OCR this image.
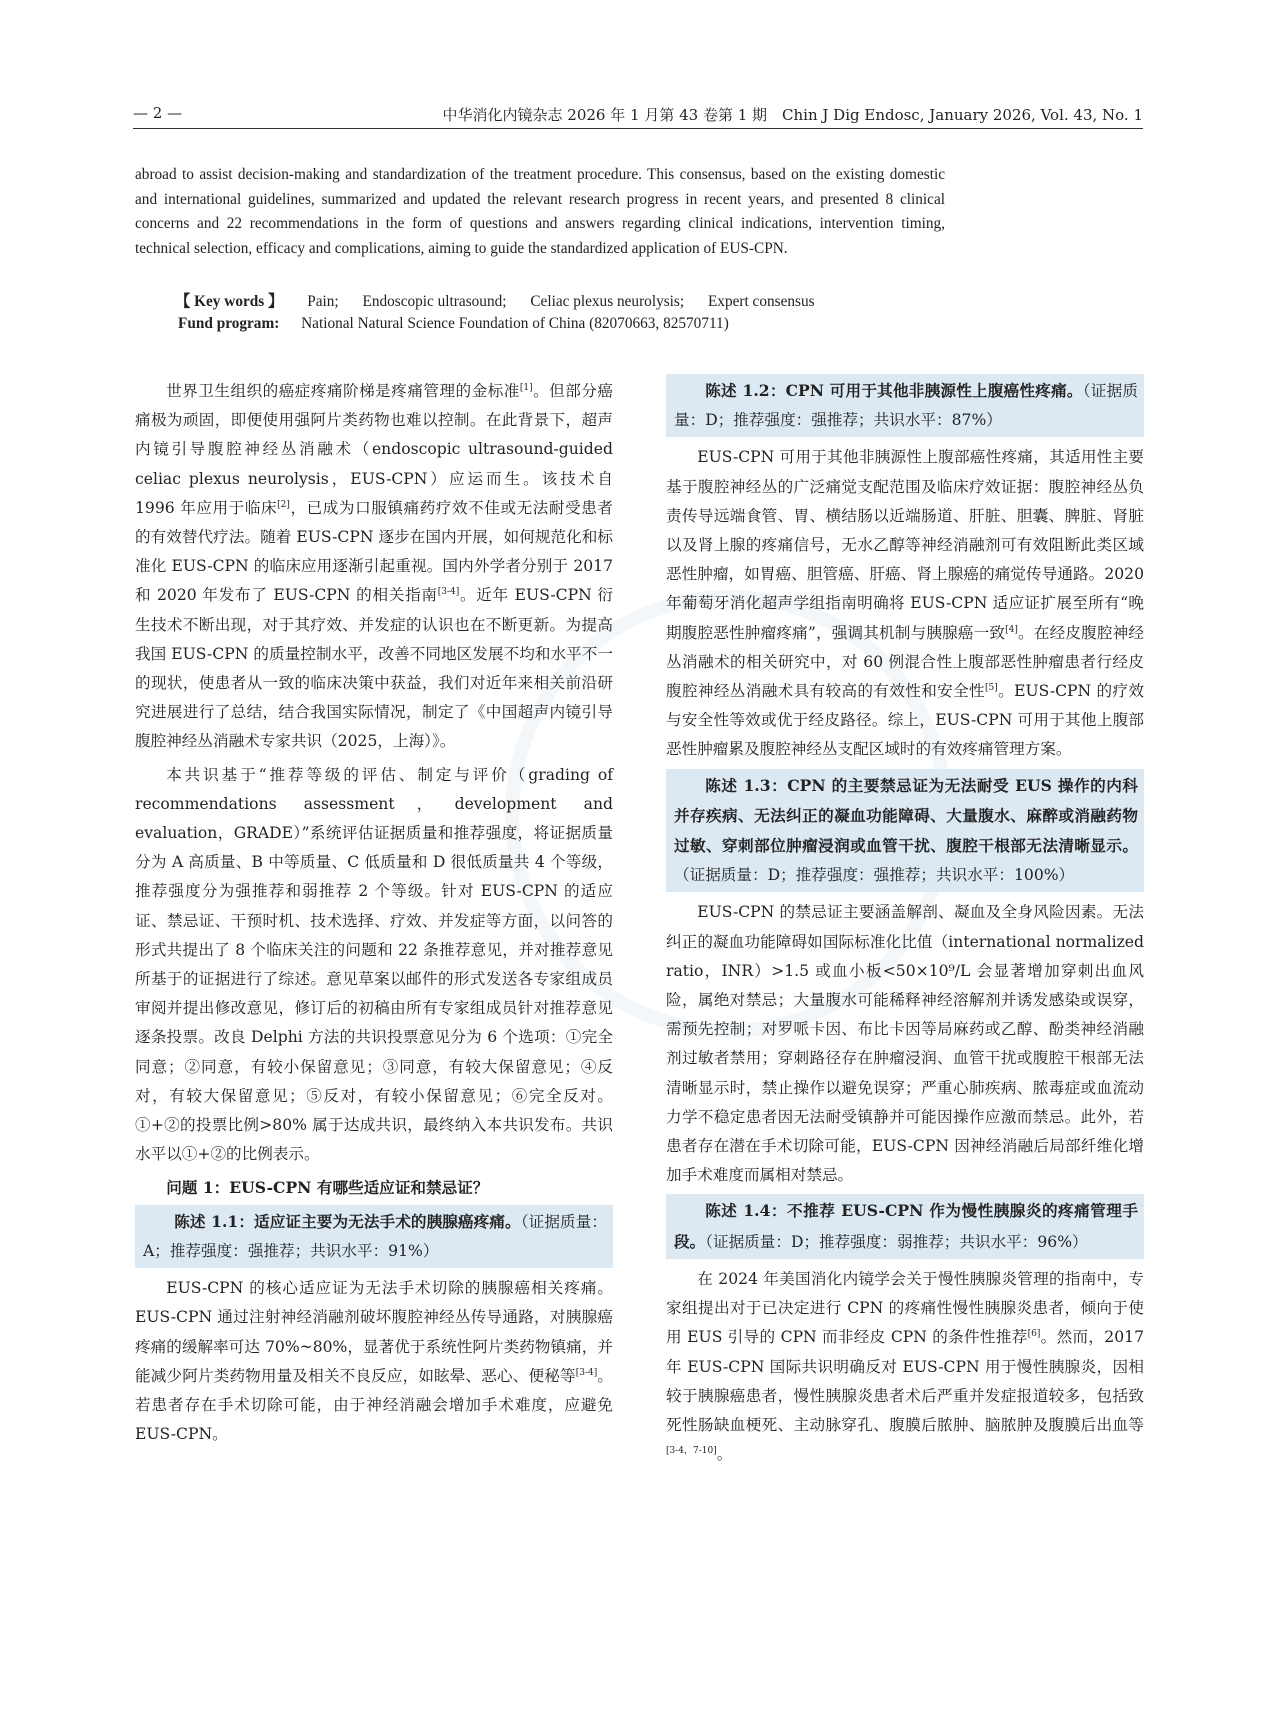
— 2 —	中华消化内镜杂志 2026 年 1 月第 43 卷第 1 期　Chin J Dig Endosc, January 2026, Vol. 43, No. 1
abroad to assist decision-making and standardization of the treatment procedure. This consensus, based on the existing domestic and international guidelines, summarized and updated the relevant research progress in recent years, and presented 8 clinical concerns and 22 recommendations in the form of questions and answers regarding clinical indications, intervention timing, technical selection, efficacy and complications, aiming to guide the standardized application of EUS-CPN.
【 Key words 】 Pain; Endoscopic ultrasound; Celiac plexus neurolysis; Expert consensus
Fund program: National Natural Science Foundation of China (82070663, 82570711)

世界卫生组织的癌症疼痛阶梯是疼痛管理的金标准[1]。但部分癌痛极为顽固，即便使用强阿片类药物也难以控制。在此背景下，超声内镜引导腹腔神经丛消融术（endoscopic ultrasound-guided celiac plexus neurolysis，EUS-CPN）应运而生。该技术自 1996 年应用于临床[2]，已成为口服镇痛药疗效不佳或无法耐受患者的有效替代疗法。随着 EUS-CPN 逐步在国内开展，如何规范化和标准化 EUS-CPN 的临床应用逐渐引起重视。国内外学者分别于 2017 和 2020 年发布了 EUS-CPN 的相关指南[3-4]。近年 EUS-CPN 衍生技术不断出现，对于其疗效、并发症的认识也在不断更新。为提高我国 EUS-CPN 的质量控制水平，改善不同地区发展不均和水平不一的现状，使患者从一致的临床决策中获益，我们对近年来相关前沿研究进展进行了总结，结合我国实际情况，制定了《中国超声内镜引导腹腔神经丛消融术专家共识（2025，上海）》。

本共识基于“推荐等级的评估、制定与评价（grading of recommendations assessment，development and evaluation，GRADE）”系统评估证据质量和推荐强度，将证据质量分为 A 高质量、B 中等质量、C 低质量和 D 很低质量共 4 个等级，推荐强度分为强推荐和弱推荐 2 个等级。针对 EUS-CPN 的适应证、禁忌证、干预时机、技术选择、疗效、并发症等方面，以问答的形式共提出了 8 个临床关注的问题和 22 条推荐意见，并对推荐意见所基于的证据进行了综述。意见草案以邮件的形式发送各专家组成员审阅并提出修改意见，修订后的初稿由所有专家组成员针对推荐意见逐条投票。改良 Delphi 方法的共识投票意见分为 6 个选项：①完全同意；②同意，有较小保留意见；③同意，有较大保留意见；④反对，有较大保留意见；⑤反对，有较小保留意见；⑥完全反对。①+②的投票比例>80% 属于达成共识，最终纳入本共识发布。共识水平以①+②的比例表示。

问题 1：EUS-CPN 有哪些适应证和禁忌证？
陈述 1.1：适应证主要为无法手术的胰腺癌疼痛。（证据质量：A；推荐强度：强推荐；共识水平：91%）

EUS-CPN 的核心适应证为无法手术切除的胰腺癌相关疼痛。EUS-CPN 通过注射神经消融剂破坏腹腔神经丛传导通路，对胰腺癌疼痛的缓解率可达 70%~80%，显著优于系统性阿片类药物镇痛，并能减少阿片类药物用量及相关不良反应，如眩晕、恶心、便秘等[3-4]。若患者存在手术切除可能，由于神经消融会增加手术难度，应避免 EUS-CPN。

陈述 1.2：CPN 可用于其他非胰源性上腹癌性疼痛。（证据质量：D；推荐强度：强推荐；共识水平：87%）

EUS-CPN 可用于其他非胰源性上腹部癌性疼痛，其适用性主要基于腹腔神经丛的广泛痛觉支配范围及临床疗效证据：腹腔神经丛负责传导远端食管、胃、横结肠以近端肠道、肝脏、胆囊、脾脏、肾脏以及肾上腺的疼痛信号，无水乙醇等神经消融剂可有效阻断此类区域恶性肿瘤，如胃癌、胆管癌、肝癌、肾上腺癌的痛觉传导通路。2020 年葡萄牙消化超声学组指南明确将 EUS-CPN 适应证扩展至所有“晚期腹腔恶性肿瘤疼痛”，强调其机制与胰腺癌一致[4]。在经皮腹腔神经丛消融术的相关研究中，对 60 例混合性上腹部恶性肿瘤患者行经皮腹腔神经丛消融术具有较高的有效性和安全性[5]。EUS-CPN 的疗效与安全性等效或优于经皮路径。综上，EUS-CPN 可用于其他上腹部恶性肿瘤累及腹腔神经丛支配区域时的有效疼痛管理方案。

陈述 1.3：CPN 的主要禁忌证为无法耐受 EUS 操作的内科并存疾病、无法纠正的凝血功能障碍、大量腹水、麻醉或消融药物过敏、穿刺部位肿瘤浸润或血管干扰、腹腔干根部无法清晰显示。（证据质量：D；推荐强度：强推荐；共识水平：100%）

EUS-CPN 的禁忌证主要涵盖解剖、凝血及全身风险因素。无法纠正的凝血功能障碍如国际标准化比值（international normalized ratio，INR）>1.5 或血小板<50×10⁹/L 会显著增加穿刺出血风险，属绝对禁忌；大量腹水可能稀释神经溶解剂并诱发感染或误穿，需预先控制；对罗哌卡因、布比卡因等局麻药或乙醇、酚类神经消融剂过敏者禁用；穿刺路径存在肿瘤浸润、血管干扰或腹腔干根部无法清晰显示时，禁止操作以避免误穿；严重心肺疾病、脓毒症或血流动力学不稳定患者因无法耐受镇静并可能因操作应激而禁忌。此外，若患者存在潜在手术切除可能，EUS-CPN 因神经消融后局部纤维化增加手术难度而属相对禁忌。

陈述 1.4：不推荐 EUS-CPN 作为慢性胰腺炎的疼痛管理手段。（证据质量：D；推荐强度：弱推荐；共识水平：96%）

在 2024 年美国消化内镜学会关于慢性胰腺炎管理的指南中，专家组提出对于已决定进行 CPN 的疼痛性慢性胰腺炎患者，倾向于使用 EUS 引导的 CPN 而非经皮 CPN 的条件性推荐[6]。然而，2017 年 EUS-CPN 国际共识明确反对 EUS-CPN 用于慢性胰腺炎，因相较于胰腺癌患者，慢性胰腺炎患者术后严重并发症报道较多，包括致死性肠缺血梗死、主动脉穿孔、腹膜后脓肿、脑脓肿及腹膜后出血等[3-4，7-10]。
